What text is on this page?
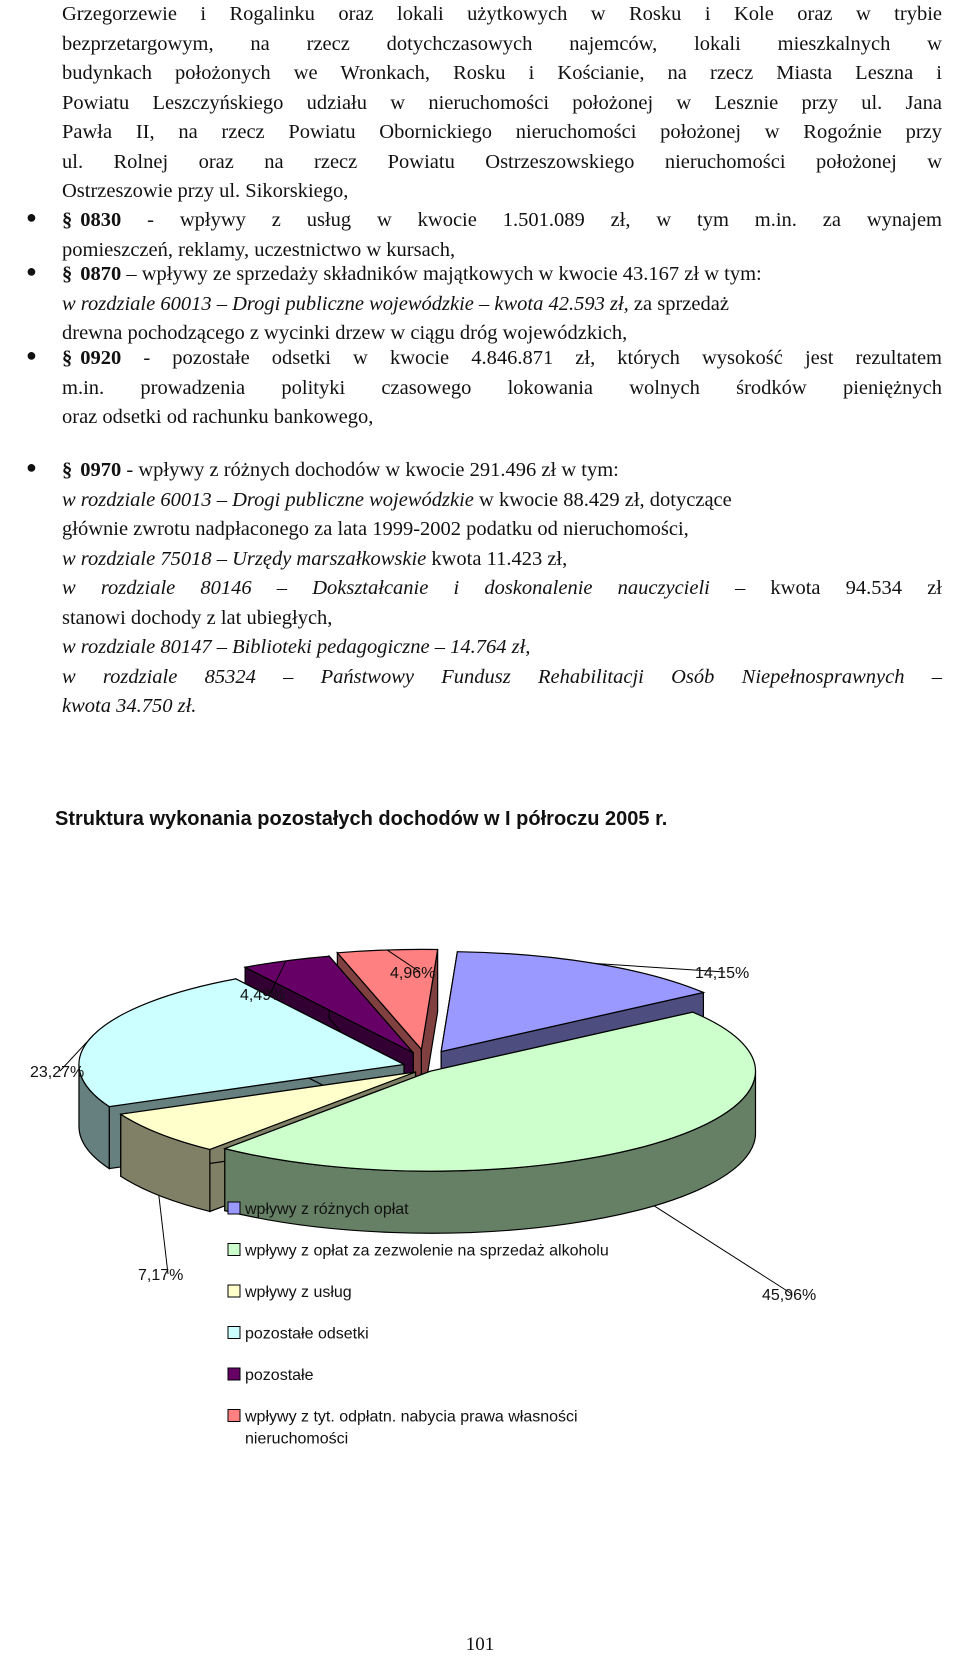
Grzegorzewie i Rogalinku oraz lokali użytkowych w Rosku i Kole oraz w trybie
bezprzetargowym, na rzecz dotychczasowych najemców, lokali mieszkalnych w
budynkach położonych we Wronkach, Rosku i Kościanie, na rzecz Miasta Leszna i
Powiatu Leszczyńskiego udziału w nieruchomości położonej w Lesznie przy ul. Jana
Pawła II, na rzecz Powiatu Obornickiego nieruchomości położonej w Rogoźnie przy
ul. Rolnej oraz na rzecz Powiatu Ostrzeszowskiego nieruchomości położonej w
Ostrzeszowie przy ul. Sikorskiego,
● § 0830 - wpływy z usług w kwocie 1.501.089 zł, w tym m.in. za wynajem
pomieszczeń, reklamy, uczestnictwo w kursach,
● § 0870 – wpływy ze sprzedaży składników majątkowych w kwocie 43.167 zł w tym:
w rozdziale 60013 – Drogi publiczne wojewódzkie – kwota 42.593 zł, za sprzedaż
drewna pochodzącego z wycinki drzew w ciągu dróg wojewódzkich,
● § 0920 - pozostałe odsetki w kwocie 4.846.871 zł, których wysokość jest rezultatem
m.in. prowadzenia polityki czasowego lokowania wolnych środków pieniężnych
oraz odsetki od rachunku bankowego,
● § 0970 - wpływy z różnych dochodów w kwocie 291.496 zł w tym:
w rozdziale 60013 – Drogi publiczne wojewódzkie w kwocie 88.429 zł, dotyczące
głównie zwrotu nadpłaconego za lata 1999-2002 podatku od nieruchomości,
w rozdziale 75018 – Urzędy marszałkowskie kwota 11.423 zł,
w rozdziale 80146 – Dokształcanie i doskonalenie nauczycieli – kwota 94.534 zł
stanowi dochody z lat ubiegłych,
w rozdziale 80147 – Biblioteki pedagogiczne – 14.764 zł,
w rozdziale 85324 – Państwowy Fundusz Rehabilitacji Osób Niepełnosprawnych –
kwota 34.750 zł.
Struktura wykonania pozostałych dochodów w I półroczu 2005 r.
14,15%
45,96%
7,17%
23,27%
4,49%
4,96%
wpływy z różnych opłat
wpływy z opłat za zezwolenie na sprzedaż alkoholu
wpływy z usług
pozostałe odsetki
pozostałe
wpływy z tyt. odpłatn. nabycia prawa własności
nieruchomości
101
